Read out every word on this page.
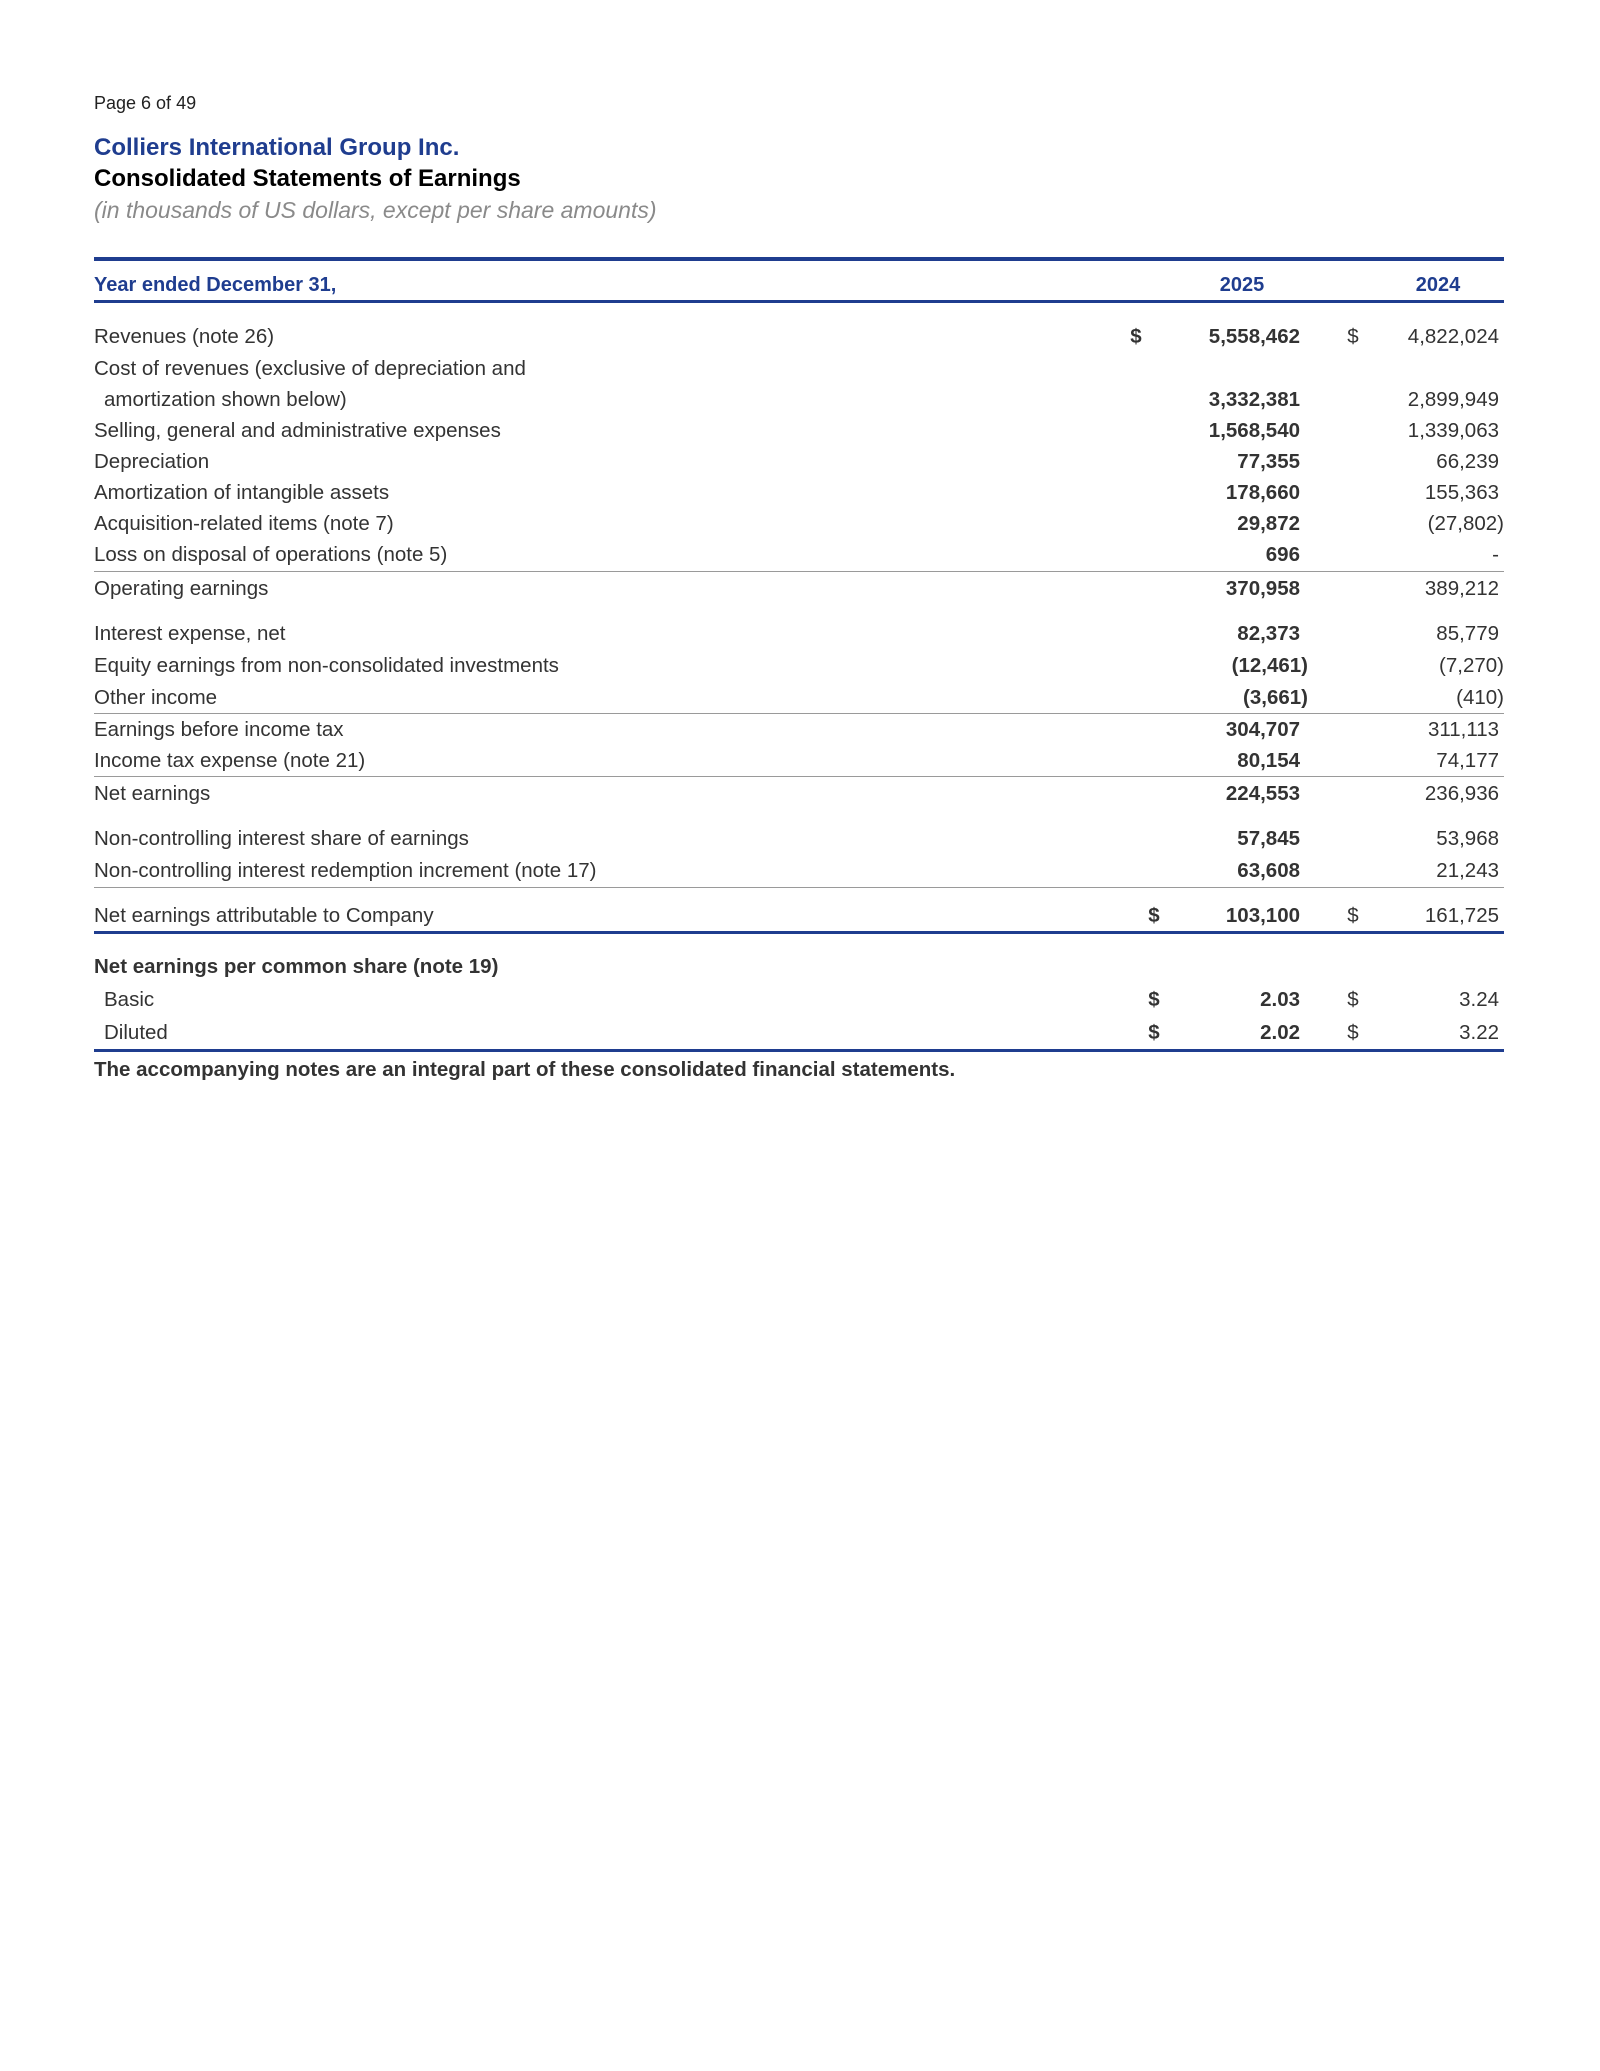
Page 6 of 49
Colliers International Group Inc.
Consolidated Statements of Earnings
(in thousands of US dollars, except per share amounts)
Year ended December 31,	2025	2024
Revenues (note 26)	$	5,558,462	$	4,822,024
Cost of revenues (exclusive of depreciation and
amortization shown below)	3,332,381	2,899,949
Selling, general and administrative expenses	1,568,540	1,339,063
Depreciation	77,355	66,239
Amortization of intangible assets	178,660	155,363
Acquisition-related items (note 7)	29,872	(27,802)
Loss on disposal of operations (note 5)	696	-
Operating earnings	370,958	389,212
Interest expense, net	82,373	85,779
Equity earnings from non-consolidated investments	(12,461)	(7,270)
Other income	(3,661)	(410)
Earnings before income tax	304,707	311,113
Income tax expense (note 21)	80,154	74,177
Net earnings	224,553	236,936
Non-controlling interest share of earnings	57,845	53,968
Non-controlling interest redemption increment (note 17)	63,608	21,243
Net earnings attributable to Company	$	103,100	$	161,725
Net earnings per common share (note 19)
Basic	$	2.03	$	3.24
Diluted	$	2.02	$	3.22
The accompanying notes are an integral part of these consolidated financial statements.
